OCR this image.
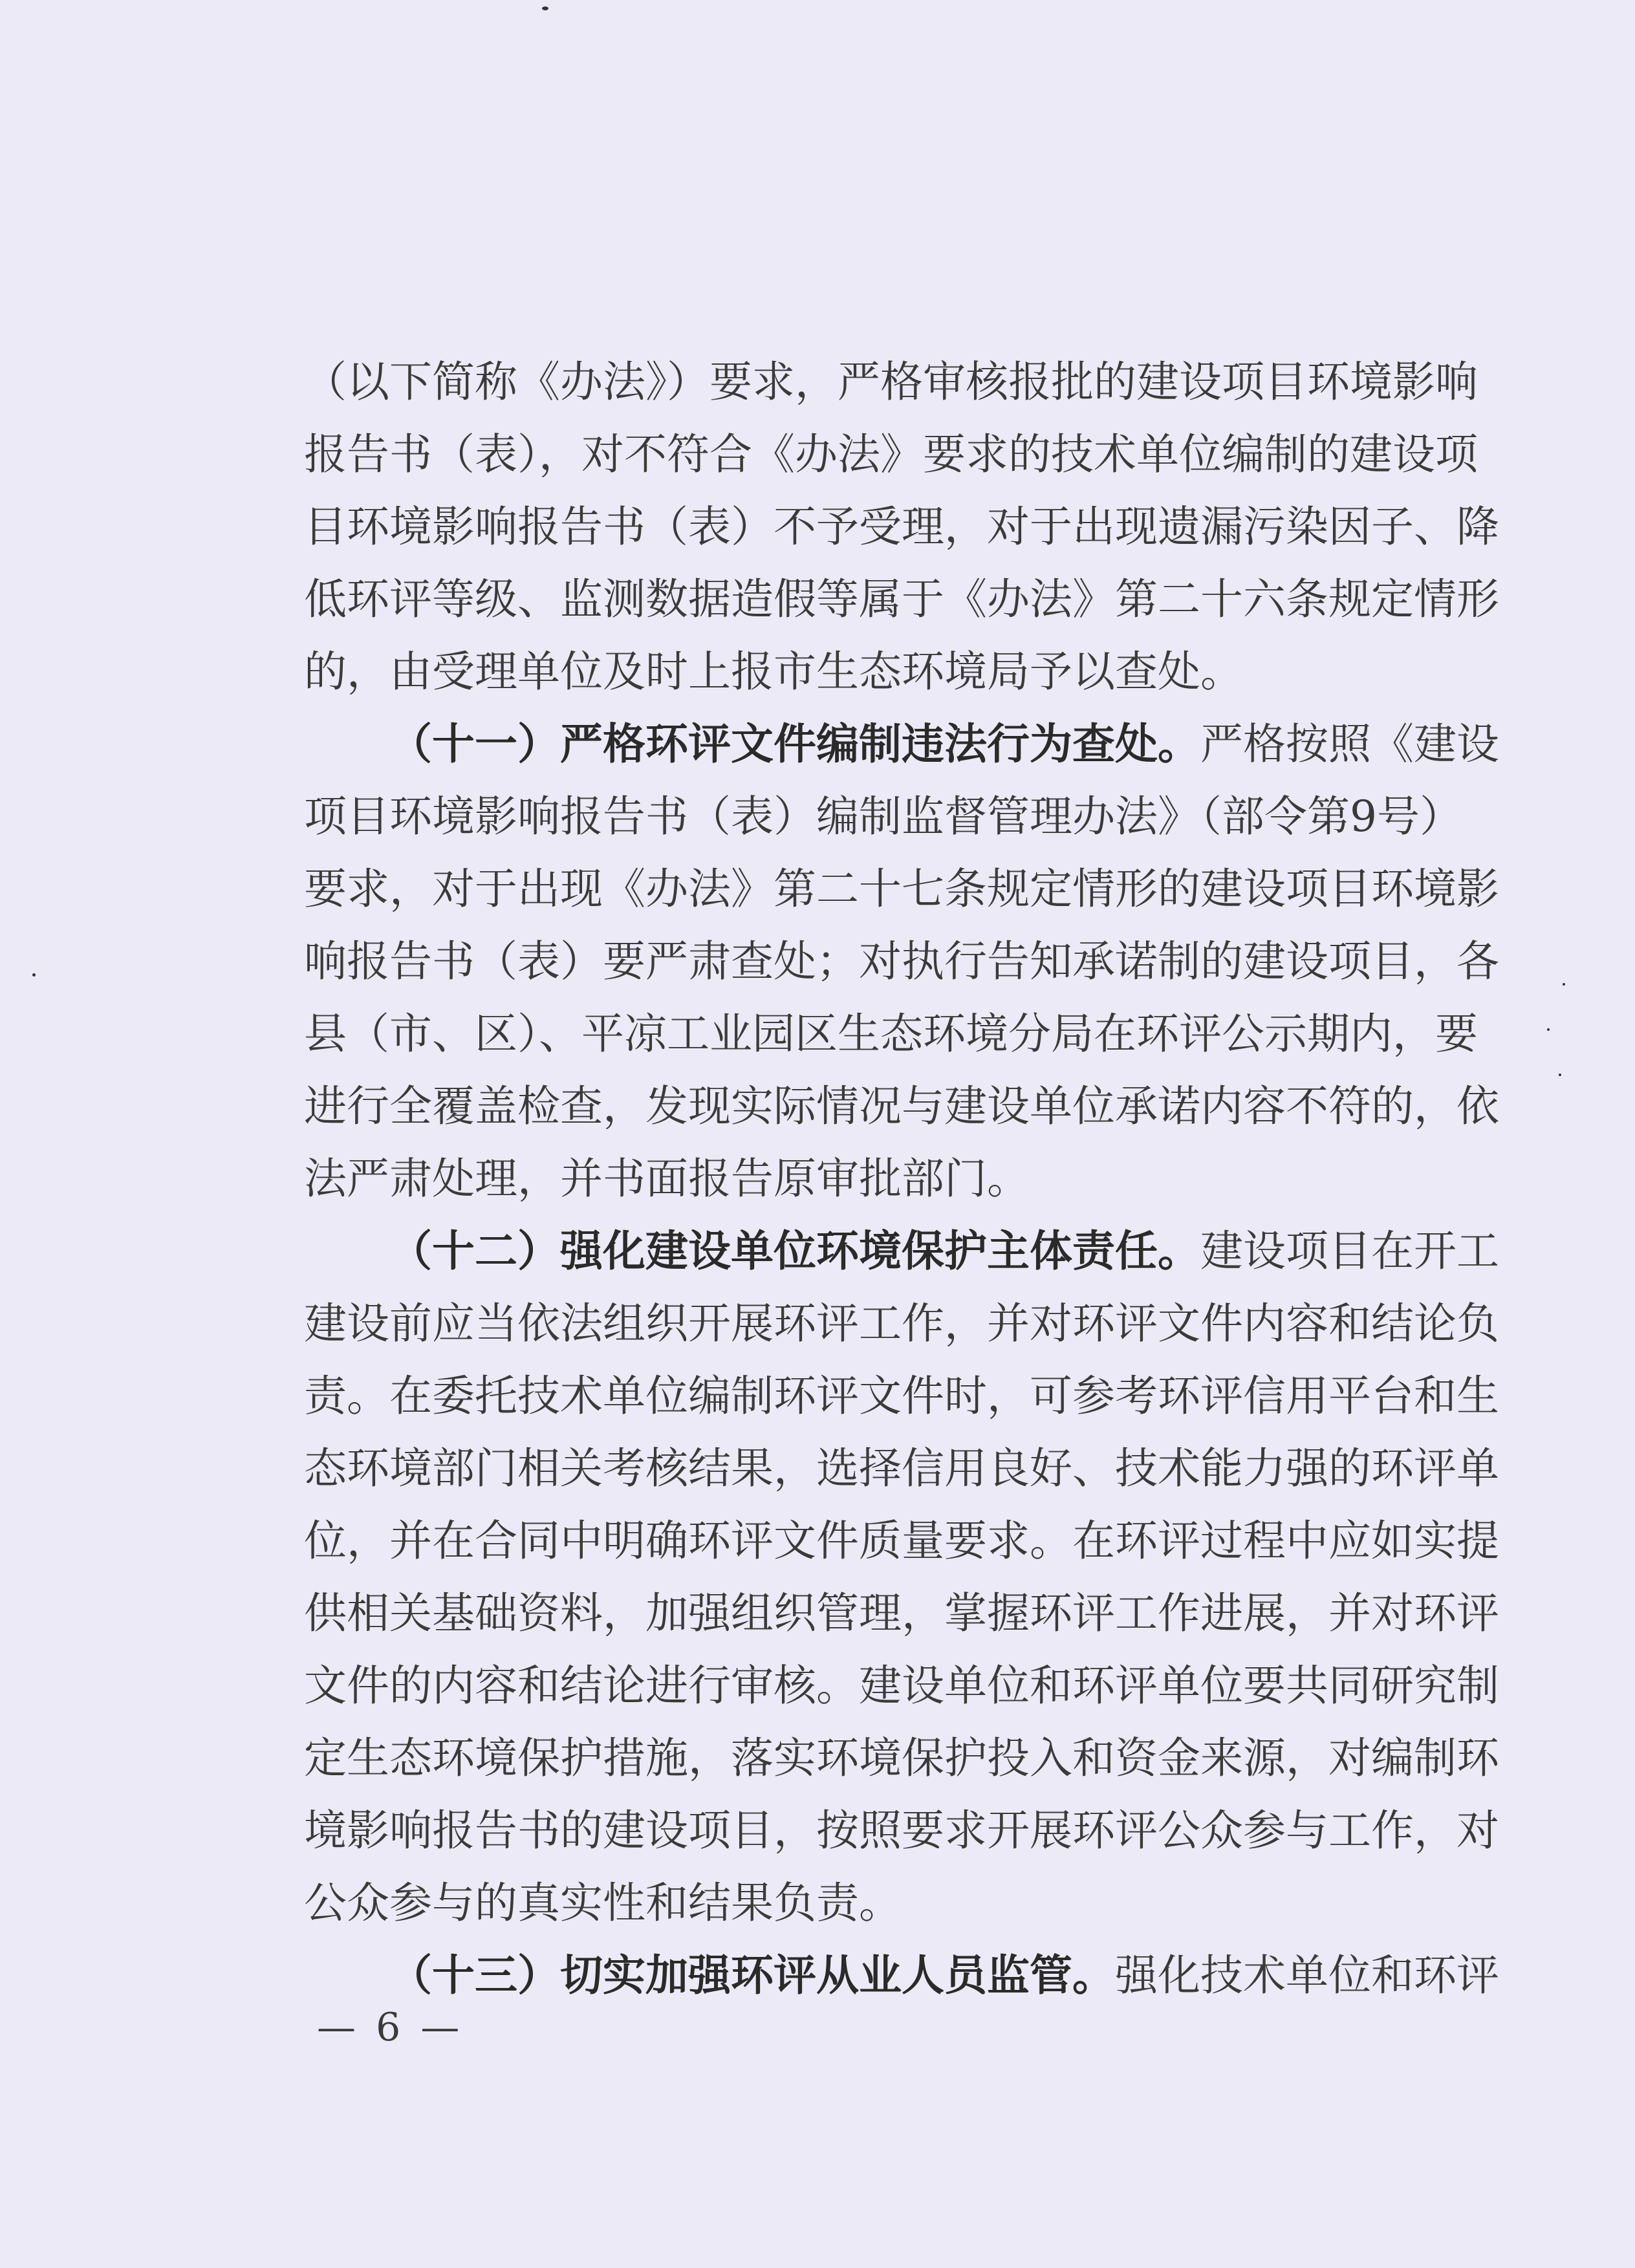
（以下简称《办法》）要求，严格审核报批的建设项目环境影响
报告书（表），对不符合《办法》要求的技术单位编制的建设项
目环境影响报告书（表）不予受理，对于出现遗漏污染因子、降
低环评等级、监测数据造假等属于《办法》第二十六条规定情形
的，由受理单位及时上报市生态环境局予以查处。
（十一）严格环评文件编制违法行为查处。严格按照《建设
项目环境影响报告书（表）编制监督管理办法》（部令第9号）
要求，对于出现《办法》第二十七条规定情形的建设项目环境影
响报告书（表）要严肃查处；对执行告知承诺制的建设项目，各
县（市、区）、平凉工业园区生态环境分局在环评公示期内，要
进行全覆盖检查，发现实际情况与建设单位承诺内容不符的，依
法严肃处理，并书面报告原审批部门。
（十二）强化建设单位环境保护主体责任。建设项目在开工
建设前应当依法组织开展环评工作，并对环评文件内容和结论负
责。在委托技术单位编制环评文件时，可参考环评信用平台和生
态环境部门相关考核结果，选择信用良好、技术能力强的环评单
位，并在合同中明确环评文件质量要求。在环评过程中应如实提
供相关基础资料，加强组织管理，掌握环评工作进展，并对环评
文件的内容和结论进行审核。建设单位和环评单位要共同研究制
定生态环境保护措施，落实环境保护投入和资金来源，对编制环
境影响报告书的建设项目，按照要求开展环评公众参与工作，对
公众参与的真实性和结果负责。
（十三）切实加强环评从业人员监管。强化技术单位和环评
— 6 —
